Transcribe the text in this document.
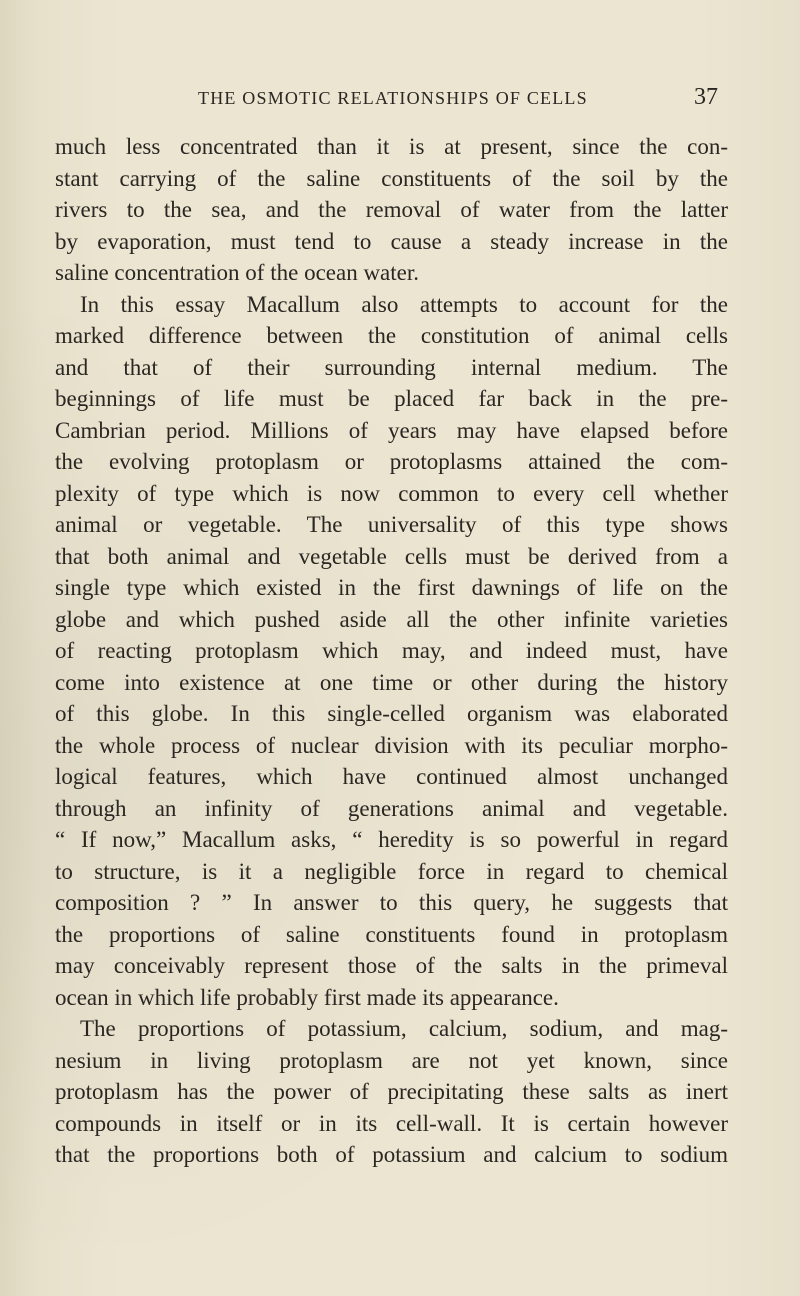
THE OSMOTIC RELATIONSHIPS OF CELLS	37
much less concentrated than it is at present, since the con-
stant carrying of the saline constituents of the soil by the
rivers to the sea, and the removal of water from the latter
by evaporation, must tend to cause a steady increase in the
saline concentration of the ocean water.
In this essay Macallum also attempts to account for the
marked difference between the constitution of animal cells
and that of their surrounding internal medium. The
beginnings of life must be placed far back in the pre-
Cambrian period. Millions of years may have elapsed before
the evolving protoplasm or protoplasms attained the com-
plexity of type which is now common to every cell whether
animal or vegetable. The universality of this type shows
that both animal and vegetable cells must be derived from a
single type which existed in the first dawnings of life on the
globe and which pushed aside all the other infinite varieties
of reacting protoplasm which may, and indeed must, have
come into existence at one time or other during the history
of this globe. In this single-celled organism was elaborated
the whole process of nuclear division with its peculiar morpho-
logical features, which have continued almost unchanged
through an infinity of generations animal and vegetable.
“ If now,” Macallum asks, “ heredity is so powerful in regard
to structure, is it a negligible force in regard to chemical
composition ? ” In answer to this query, he suggests that
the proportions of saline constituents found in protoplasm
may conceivably represent those of the salts in the primeval
ocean in which life probably first made its appearance.
The proportions of potassium, calcium, sodium, and mag-
nesium in living protoplasm are not yet known, since
protoplasm has the power of precipitating these salts as inert
compounds in itself or in its cell-wall. It is certain however
that the proportions both of potassium and calcium to sodium
